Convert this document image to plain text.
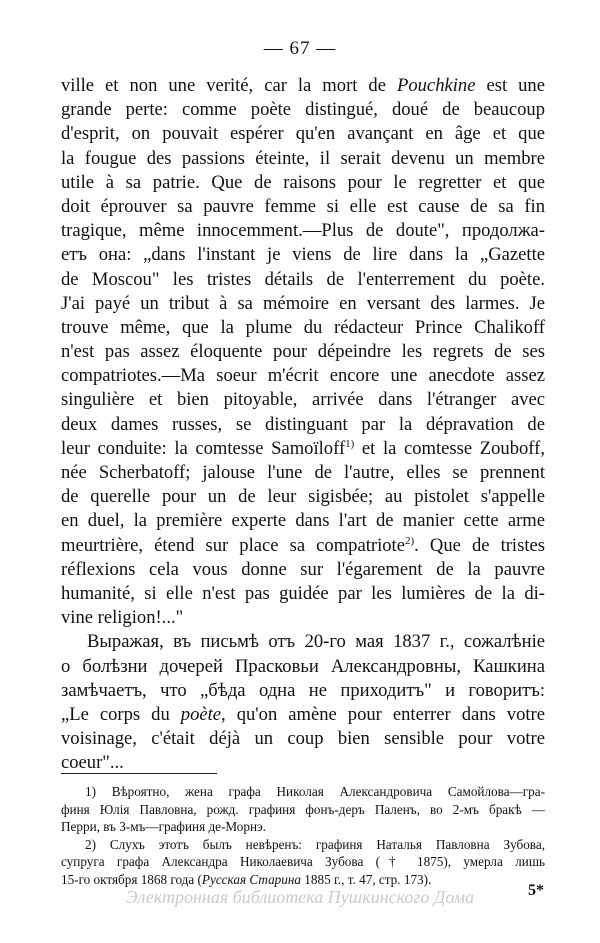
— 67 —
ville et non une verité, car la mort de Pouchkine est une
grande perte: comme poète distingué, doué de beaucoup
d'esprit, on pouvait espérer qu'en avançant en âge et que
la fougue des passions éteinte, il serait devenu un membre
utile à sa patrie. Que de raisons pour le regretter et que
doit éprouver sa pauvre femme si elle est cause de sa fin
tragique, même innocemment.—Plus de doute", продолжа-
етъ она: „dans l'instant je viens de lire dans la „Gazette
de Moscou" les tristes détails de l'enterrement du poète.
J'ai payé un tribut à sa mémoire en versant des larmes. Je
trouve même, que la plume du rédacteur Prince Chalikoff
n'est pas assez éloquente pour dépeindre les regrets de ses
compatriotes.—Ma soeur m'écrit encore une anecdote assez
singulière et bien pitoyable, arrivée dans l'étranger avec
deux dames russes, se distinguant par la dépravation de
leur conduite: la comtesse Samoïloff$^{1)}$ et la comtesse Zouboff,
née Scherbatoff; jalouse l'une de l'autre, elles se prennent
de querelle pour un de leur sigisbée; au pistolet s'appelle
en duel, la première experte dans l'art de manier cette arme
meurtrière, étend sur place sa compatriote$^{2)}$. Que de tristes
réflexions cela vous donne sur l'égarement de la pauvre
humanité, si elle n'est pas guidée par les lumières de la di-
vine religion!..."
Выражая, въ письмѣ отъ 20-го мая 1837 г., сожалѣніе
о болѣзни дочерей Прасковьи Александровны, Кашкина
замѣчаетъ, что „бѣда одна не приходитъ" и говоритъ:
„Le corps du poète, qu'on amène pour enterrer dans votre
voisinage, c'était déjà un coup bien sensible pour votre
coeur"...
1) Вѣроятно, жена графа Николая Александровича Самойлова—гра-
финя Юлія Павловна, рожд. графиня фонъ-деръ Паленъ, во 2-мъ бракѣ —
Перри, въ 3-мъ—графиня де-Морнэ.
2) Слухъ этотъ былъ невѣренъ: графиня Наталья Павловна Зубова,
супруга графа Александра Николаевича Зубова († 1875), умерла лишь
15-го октября 1868 года (Русская Старина 1885 г., т. 47, стр. 173).
Электронная библиотека Пушкинского Дома	5*
